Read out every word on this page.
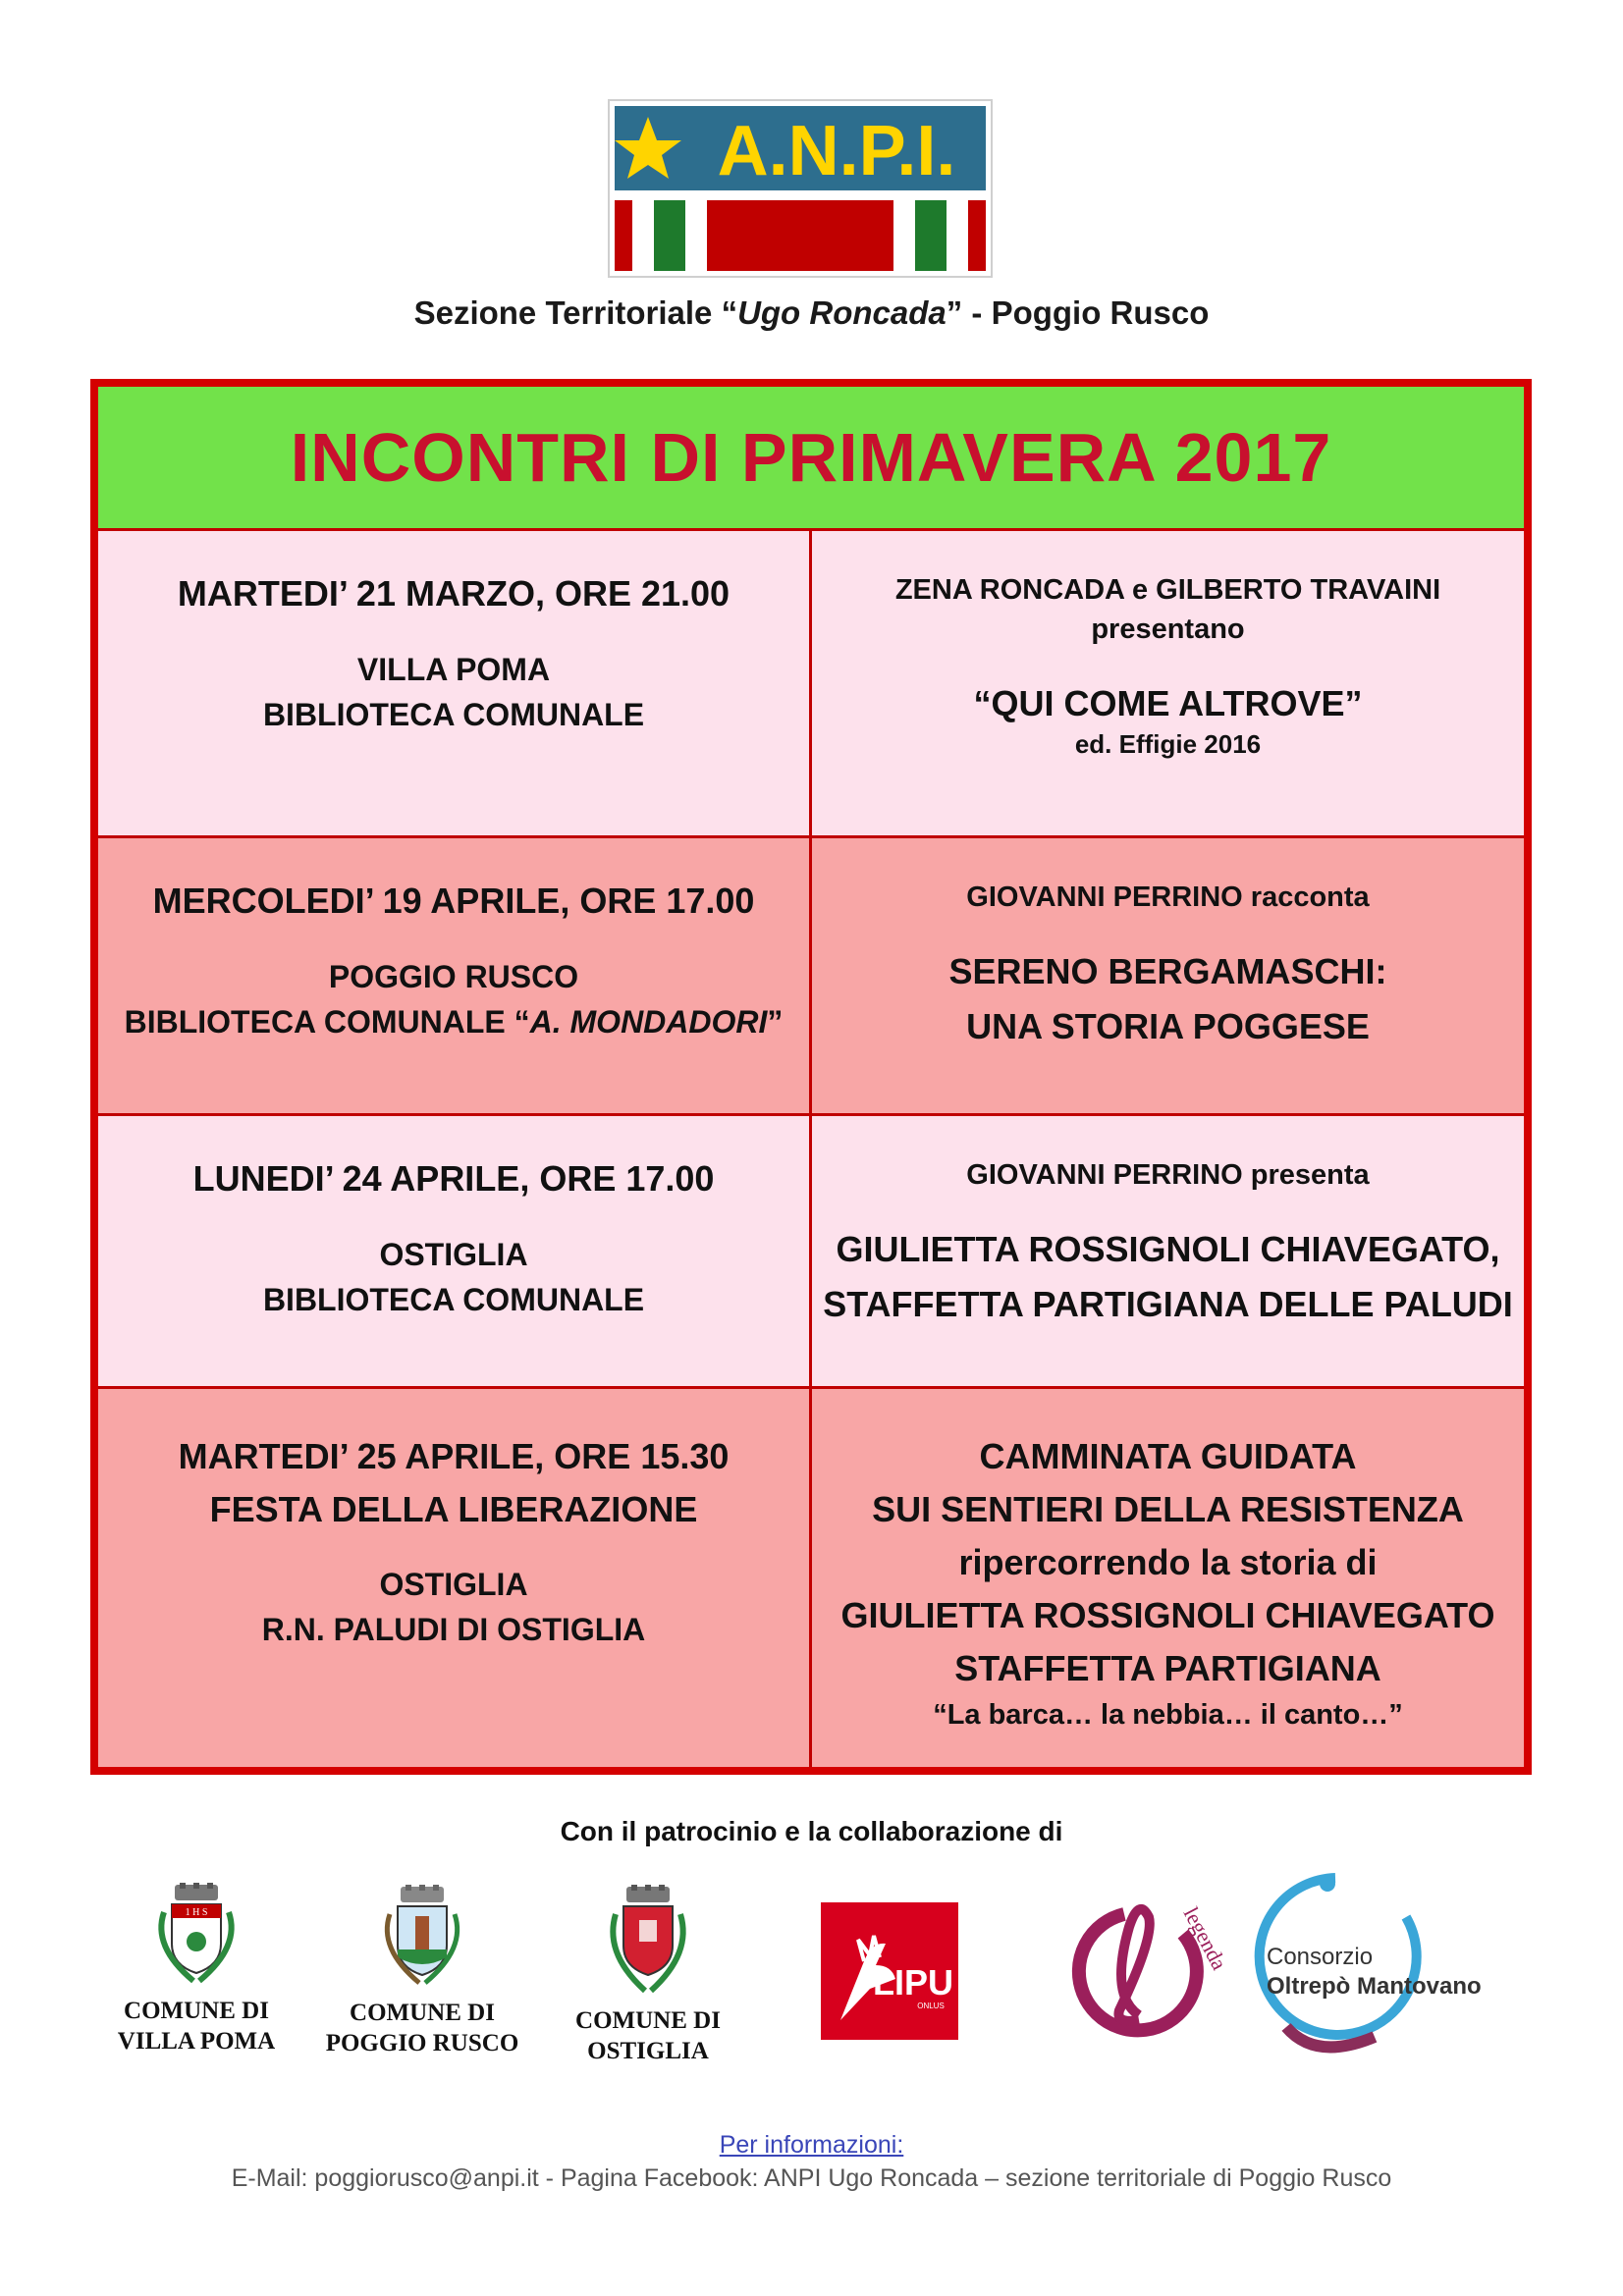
A.N.P.I.
Sezione Territoriale “Ugo Roncada” - Poggio Rusco
INCONTRI DI PRIMAVERA 2017
MARTEDI’ 21 MARZO, ORE 21.00
VILLA POMA
BIBLIOTECA COMUNALE
ZENA RONCADA e GILBERTO TRAVAINI
presentano
“QUI COME ALTROVE”
ed. Effigie 2016
MERCOLEDI’ 19 APRILE, ORE 17.00
POGGIO RUSCO
BIBLIOTECA COMUNALE “A. MONDADORI”
GIOVANNI PERRINO racconta
SERENO BERGAMASCHI:
UNA STORIA POGGESE
LUNEDI’ 24 APRILE, ORE 17.00
OSTIGLIA
BIBLIOTECA COMUNALE
GIOVANNI PERRINO presenta
GIULIETTA ROSSIGNOLI CHIAVEGATO,
STAFFETTA PARTIGIANA DELLE PALUDI
MARTEDI’ 25 APRILE, ORE 15.30
FESTA DELLA LIBERAZIONE
OSTIGLIA
R.N. PALUDI DI OSTIGLIA
CAMMINATA GUIDATA
SUI SENTIERI DELLA RESISTENZA
ripercorrendo la storia di
GIULIETTA ROSSIGNOLI CHIAVEGATO
STAFFETTA PARTIGIANA
“La barca… la nebbia… il canto…”
Con il patrocinio e la collaborazione di
1 H S
COMUNE DI
VILLA POMA
COMUNE DI
POGGIO RUSCO
COMUNE DI
OSTIGLIA
LIPU
ONLUS
legenda Consorzio
Oltrepò Mantovano
Per informazioni:
E-Mail: poggiorusco@anpi.it - Pagina Facebook: ANPI Ugo Roncada – sezione territoriale di Poggio Rusco
